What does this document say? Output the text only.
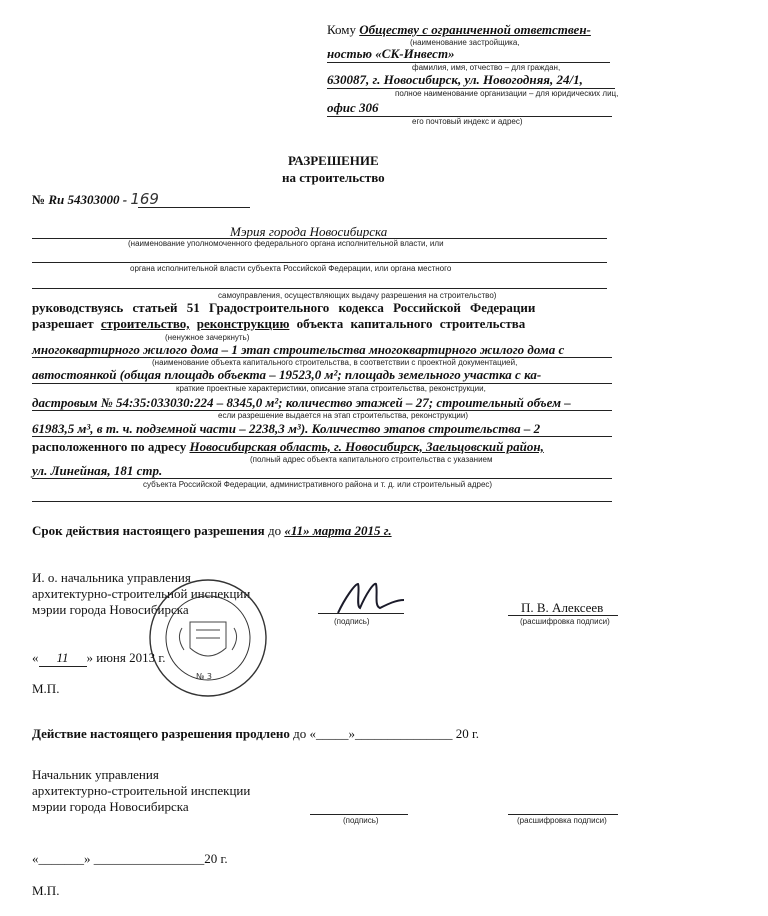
Кому Обществу с ограниченной ответствен-
(наименование застройщика,
ностью «СК-Инвест»
фамилия, имя, отчество – для граждан,
630087, г. Новосибирск, ул. Новогодняя, 24/1,
полное наименование организации – для юридических лиц,
офис 306
его почтовый индекс и адрес)
РАЗРЕШЕНИЕ
на строительство
№ Ru 54303000 - 169
Мэрия города Новосибирска
(наименование уполномоченного федерального органа исполнительной власти, или
органа исполнительной власти субъекта Российской Федерации, или органа местного
самоуправления, осуществляющих выдачу разрешения на строительство)
руководствуясь статьей 51 Градостроительного кодекса Российской Федерации
разрешает строительство, реконструкцию объекта капитального строительства
(ненужное зачеркнуть)
многоквартирного жилого дома – 1 этап строительства многоквартирного жилого дома с
(наименование объекта капитального строительства, в соответствии с проектной документацией,
автостоянкой (общая площадь объекта – 19523,0 м²; площадь земельного участка с ка-
краткие проектные характеристики, описание этапа строительства, реконструкции,
дастровым № 54:35:033030:224 – 8345,0 м²; количество этажей – 27; строительный объем –
если разрешение выдается на этап строительства, реконструкции)
61983,5 м³, в т. ч. подземной части – 2238,3 м³). Количество этапов строительства – 2
расположенного по адресу Новосибирская область, г. Новосибирск, Заельцовский район,
(полный адрес объекта капитального строительства с указанием
ул. Линейная, 181 стр.
субъекта Российской Федерации, административного района и т. д. или строительный адрес)
Срок действия настоящего разрешения до «11» марта 2015 г.
И. о. начальника управления
архитектурно-строительной инспекции
мэрии города Новосибирска
(подпись)
П. В. Алексеев
(расшифровка подписи)
№ 3
« 11 » июня 2013 г.
М.П.
Действие настоящего разрешения продлено до «_____»_______________ 20 г.
Начальник управления
архитектурно-строительной инспекции
мэрии города Новосибирска
(подпись)	(расшифровка подписи)
«_______» _________________20 г.
М.П.
